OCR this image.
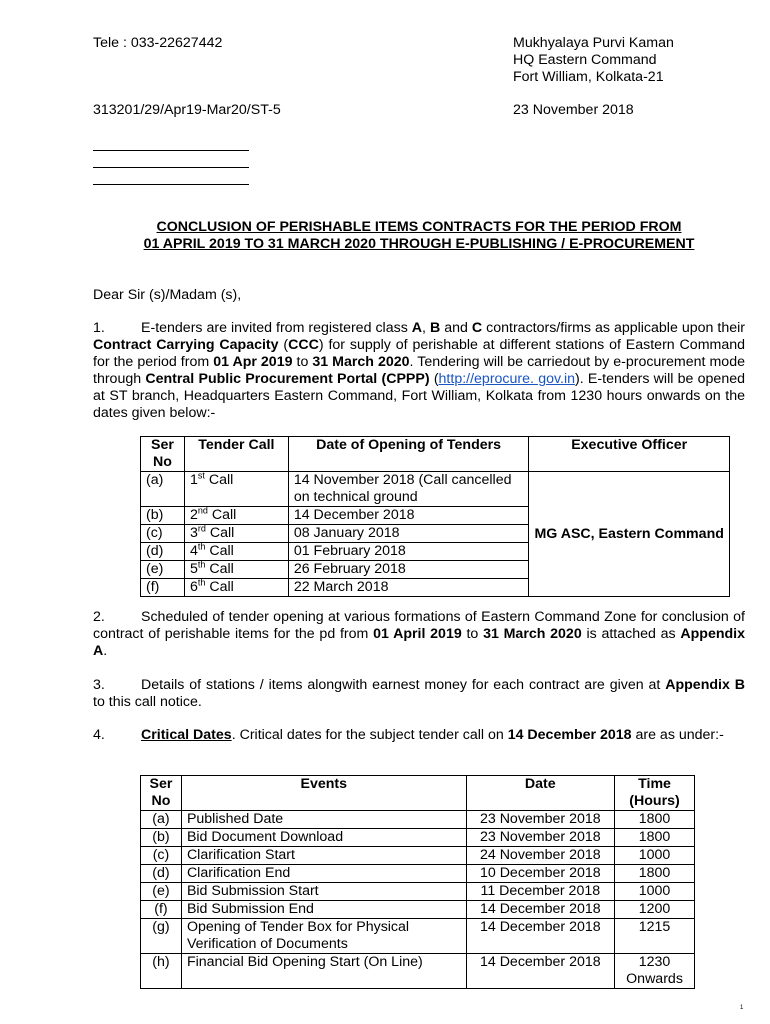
Tele : 033-22627442	Mukhyalaya Purvi Kaman
HQ Eastern Command
Fort William, Kolkata-21
313201/29/Apr19-Mar20/ST-5	23 November 2018
CONCLUSION OF PERISHABLE ITEMS CONTRACTS FOR THE PERIOD FROM
01 APRIL 2019 TO 31 MARCH 2020 THROUGH E-PUBLISHING / E-PROCUREMENT
Dear Sir (s)/Madam (s),
1.	E-tenders are invited from registered class A, B and C contractors/firms as applicable upon their Contract Carrying Capacity (CCC) for supply of perishable at different stations of Eastern Command for the period from 01 Apr 2019 to 31 March 2020. Tendering will be carriedout by e-procurement mode through Central Public Procurement Portal (CPPP) (http://eprocure. gov.in). E-tenders will be opened at ST branch, Headquarters Eastern Command, Fort William, Kolkata from 1230 hours onwards on the dates given below:-
Ser No	Tender Call	Date of Opening of Tenders	Executive Officer
(a)	1st Call	14 November 2018 (Call cancelled on technical ground	MG ASC, Eastern Command
(b)	2nd Call	14 December 2018	
(c)	3rd Call	08 January 2018	
(d)	4th Call	01 February 2018	
(e)	5th Call	26 February 2018	
(f)	6th Call	22 March 2018	
2.	Scheduled of tender opening at various formations of Eastern Command Zone for conclusion of contract of perishable items for the pd from 01 April 2019 to 31 March 2020 is attached as Appendix A.
3.	Details of stations / items alongwith earnest money for each contract are given at Appendix B to this call notice.
4.	Critical Dates. Critical dates for the subject tender call on 14 December 2018 are as under:-
Ser No	Events	Date	Time (Hours)
(a)	Published Date	23 November 2018	1800
(b)	Bid Document Download	23 November 2018	1800
(c)	Clarification Start	24 November 2018	1000
(d)	Clarification End	10 December 2018	1800
(e)	Bid Submission Start	11 December 2018	1000
(f)	Bid Submission End	14 December 2018	1200
(g)	Opening of Tender Box for Physical Verification of Documents	14 December 2018	1215
(h)	Financial Bid Opening Start (On Line)	14 December 2018	1230 Onwards
1
